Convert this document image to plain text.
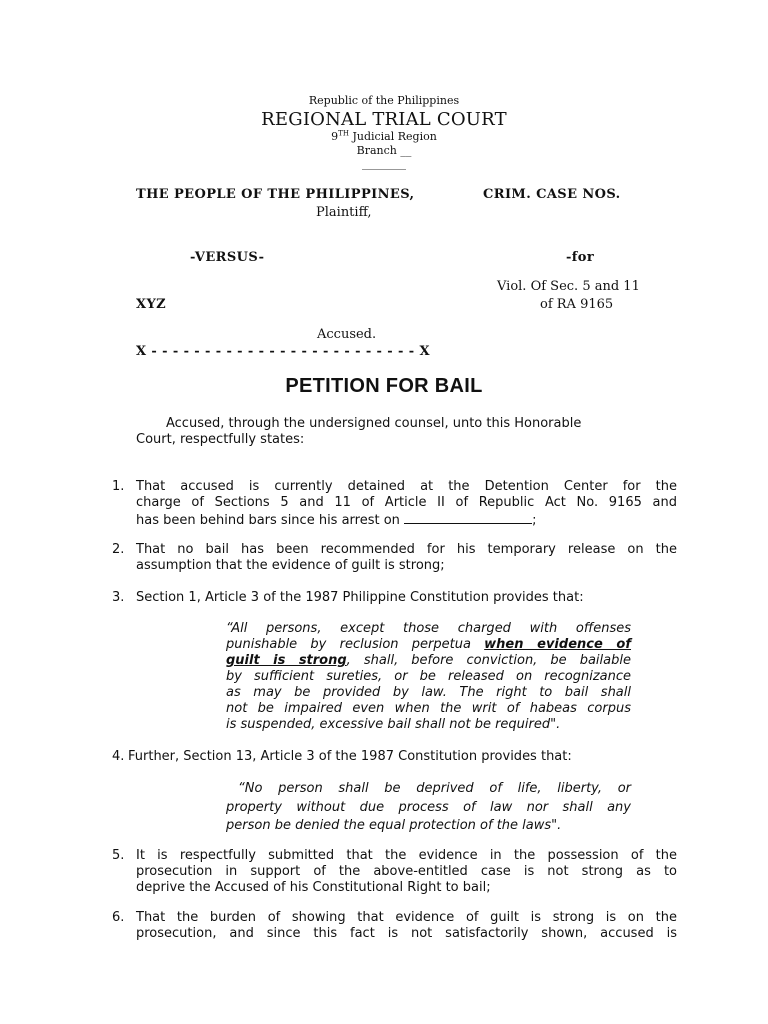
Republic of the Philippines
REGIONAL TRIAL COURT
9TH Judicial Region
Branch __
________
THE PEOPLE OF THE PHILIPPINES,
Plaintiff,
CRIM. CASE NOS.
-VERSUS-	-for
Viol. Of Sec. 5 and 11
of RA 9165
XYZ
Accused.
X - - - - - - - - - - - - - - - - - - - - - - - - - X
PETITION FOR BAIL
Accused, through the undersigned counsel, unto this Honorable
Court, respectfully states:
1. That accused is currently detained at the Detention Center for the
charge of Sections 5 and 11 of Article II of Republic Act No. 9165 and
has been behind bars since his arrest on	;
2. That no bail has been recommended for his temporary release on the
assumption that the evidence of guilt is strong;
3. Section 1, Article 3 of the 1987 Philippine Constitution provides that:
“All persons, except those charged with offenses
punishable by reclusion perpetua when evidence of
guilt is strong, shall, before conviction, be bailable
by sufficient sureties, or be released on recognizance
as may be provided by law. The right to bail shall
not be impaired even when the writ of habeas corpus
is suspended, excessive bail shall not be required".
4. Further, Section 13, Article 3 of the 1987 Constitution provides that:
“No person shall be deprived of life, liberty, or
property without due process of law nor shall any
person be denied the equal protection of the laws".
5. It is respectfully submitted that the evidence in the possession of the
prosecution in support of the above-entitled case is not strong as to
deprive the Accused of his Constitutional Right to bail;
6. That the burden of showing that evidence of guilt is strong is on the
prosecution, and since this fact is not satisfactorily shown, accused is
